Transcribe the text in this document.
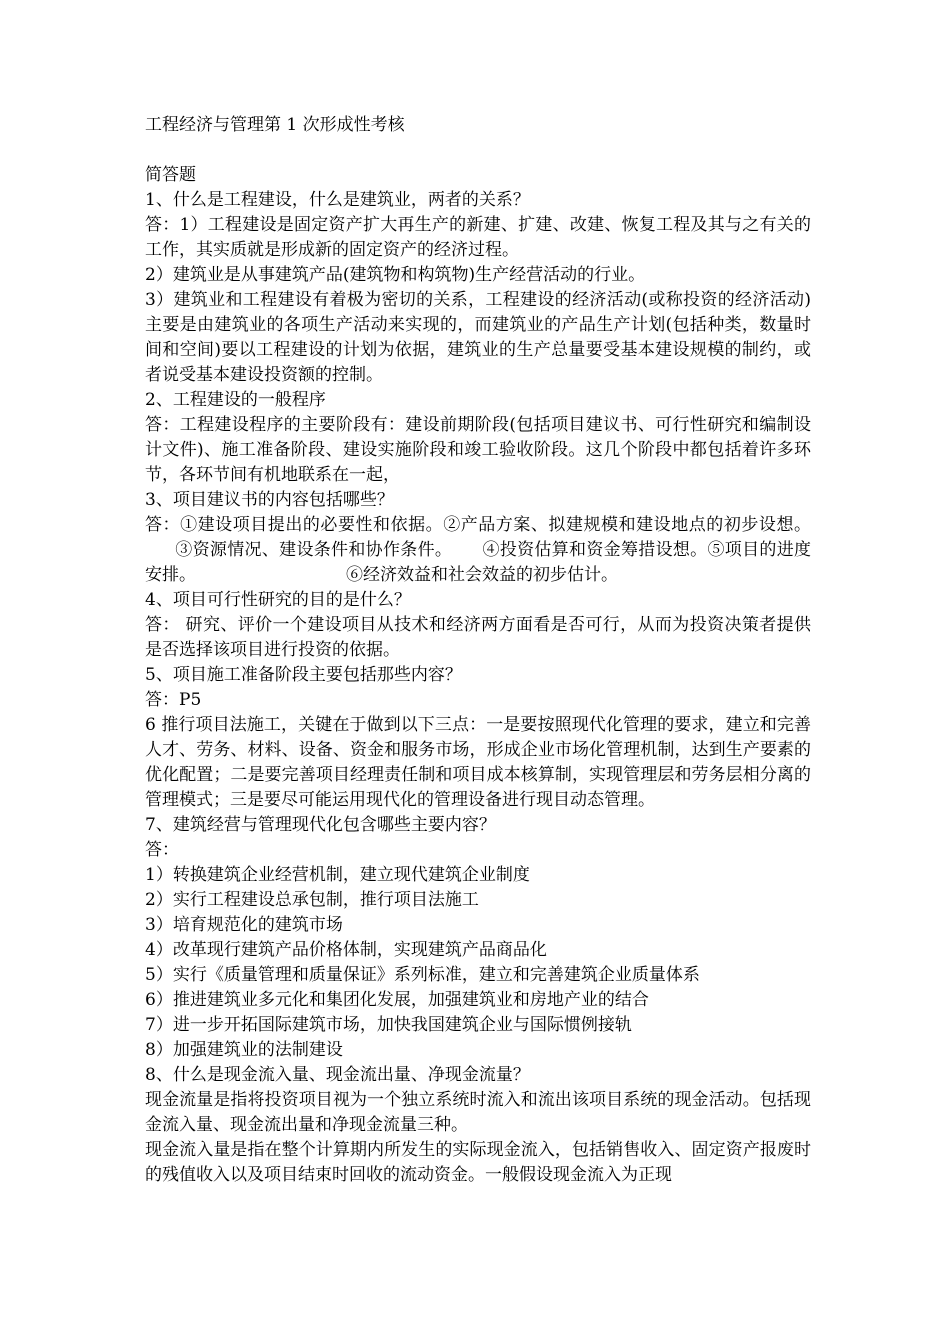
工程经济与管理第 1 次形成性考核

简答题

1、什么是工程建设，什么是建筑业，两者的关系？

答：1）工程建设是固定资产扩大再生产的新建、扩建、改建、恢复工程及其与之有关的工作，其实质就是形成新的固定资产的经济过程。

2）建筑业是从事建筑产品(建筑物和构筑物)生产经营活动的行业。

3）建筑业和工程建设有着极为密切的关系，工程建设的经济活动(或称投资的经济活动)主要是由建筑业的各项生产活动来实现的，而建筑业的产品生产计划(包括种类，数量时间和空间)要以工程建设的计划为依据，建筑业的生产总量要受基本建设规模的制约，或者说受基本建设投资额的控制。

2、工程建设的一般程序

答：工程建设程序的主要阶段有：建设前期阶段(包括项目建议书、可行性研究和编制设计文件)、施工准备阶段、建设实施阶段和竣工验收阶段。这几个阶段中都包括着许多环节，各环节间有机地联系在一起，

3、项目建议书的内容包括哪些？

答：①建设项目提出的必要性和依据。②产品方案、拟建规模和建设地点的初步设想。③资源情况、建设条件和协作条件。 ④投资估算和资金筹措设想。⑤项目的进度安排。	⑥经济效益和社会效益的初步估计。

4、项目可行性研究的目的是什么？

答： 研究、评价一个建设项目从技术和经济两方面看是否可行，从而为投资决策者提供是否选择该项目进行投资的依据。

5、项目施工准备阶段主要包括那些内容？

答：P5

6 推行项目法施工，关键在于做到以下三点：一是要按照现代化管理的要求，建立和完善人才、劳务、材料、设备、资金和服务市场，形成企业市场化管理机制，达到生产要素的优化配置；二是要完善项目经理责任制和项目成本核算制，实现管理层和劳务层相分离的管理模式；三是要尽可能运用现代化的管理设备进行现目动态管理。

7、建筑经营与管理现代化包含哪些主要内容？

答：

1）转换建筑企业经营机制，建立现代建筑企业制度

2）实行工程建设总承包制，推行项目法施工

3）培育规范化的建筑市场

4）改革现行建筑产品价格体制，实现建筑产品商品化

5）实行《质量管理和质量保证》系列标准，建立和完善建筑企业质量体系

6）推进建筑业多元化和集团化发展，加强建筑业和房地产业的结合

7）进一步开拓国际建筑市场，加快我国建筑企业与国际惯例接轨

8）加强建筑业的法制建设

8、什么是现金流入量、现金流出量、净现金流量？

现金流量是指将投资项目视为一个独立系统时流入和流出该项目系统的现金活动。包括现金流入量、现金流出量和净现金流量三种。

现金流入量是指在整个计算期内所发生的实际现金流入，包括销售收入、固定资产报废时的残值收入以及项目结束时回收的流动资金。一般假设现金流入为正现
